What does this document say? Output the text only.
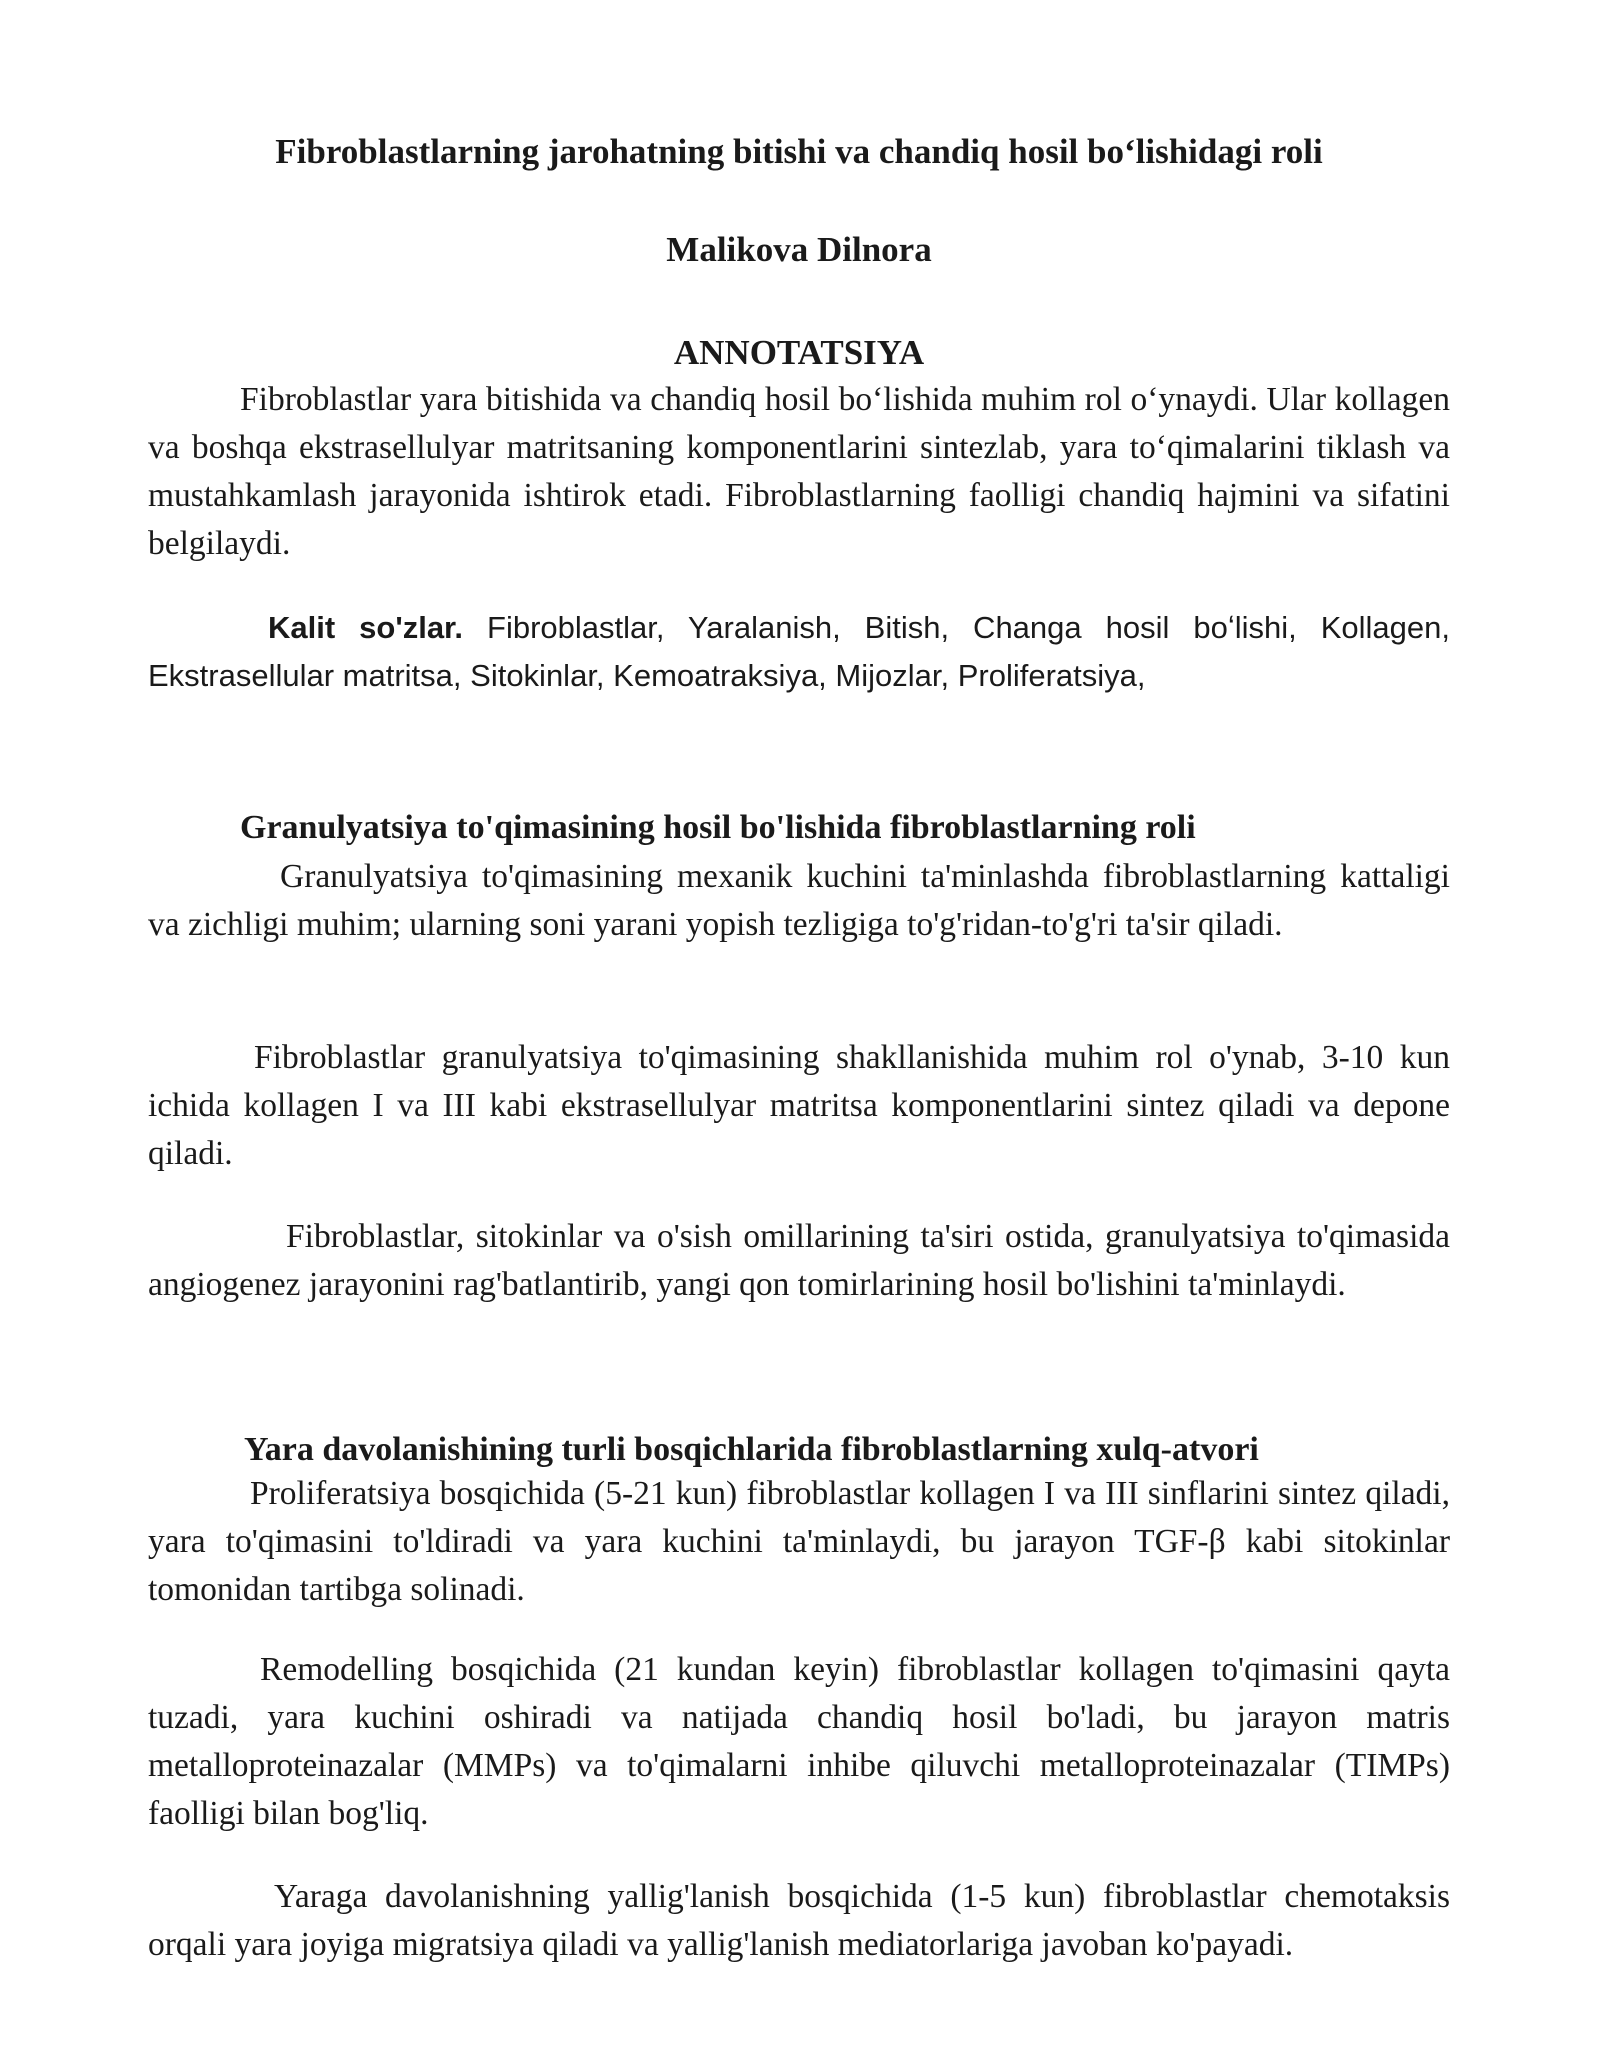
Fibroblastlarning jarohatning bitishi va chandiq hosil boʻlishidagi roli
Malikova Dilnora
ANNOTATSIYA
Fibroblastlar yara bitishida va chandiq hosil boʻlishida muhim rol oʻynaydi. Ular kollagen va boshqa ekstrasellulyar matritsaning komponentlarini sintezlab, yara toʻqimalarini tiklash va mustahkamlash jarayonida ishtirok etadi. Fibroblastlarning faolligi chandiq hajmini va sifatini belgilaydi.
Kalit so'zlar. Fibroblastlar, Yaralanish, Bitish, Changa hosil boʻlishi, Kollagen, Ekstrasellular matritsa, Sitokinlar, Kemoatraksiya, Mijozlar, Proliferatsiya,
Granulyatsiya to'qimasining hosil bo'lishida fibroblastlarning roli
Granulyatsiya to'qimasining mexanik kuchini ta'minlashda fibroblastlarning kattaligi va zichligi muhim; ularning soni yarani yopish tezligiga to'g'ridan-to'g'ri ta'sir qiladi.
Fibroblastlar granulyatsiya to'qimasining shakllanishida muhim rol o'ynab, 3-10 kun ichida kollagen I va III kabi ekstrasellulyar matritsa komponentlarini sintez qiladi va depone qiladi.
Fibroblastlar, sitokinlar va o'sish omillarining ta'siri ostida, granulyatsiya to'qimasida angiogenez jarayonini rag'batlantirib, yangi qon tomirlarining hosil bo'lishini ta'minlaydi.
Yara davolanishining turli bosqichlarida fibroblastlarning xulq-atvori
Proliferatsiya bosqichida (5-21 kun) fibroblastlar kollagen I va III sinflarini sintez qiladi, yara to'qimasini to'ldiradi va yara kuchini ta'minlaydi, bu jarayon TGF-β kabi sitokinlar tomonidan tartibga solinadi.
Remodelling bosqichida (21 kundan keyin) fibroblastlar kollagen to'qimasini qayta tuzadi, yara kuchini oshiradi va natijada chandiq hosil bo'ladi, bu jarayon matris metalloproteinazalar (MMPs) va to'qimalarni inhibe qiluvchi metalloproteinazalar (TIMPs) faolligi bilan bog'liq.
Yaraga davolanishning yallig'lanish bosqichida (1-5 kun) fibroblastlar chemotaksis orqali yara joyiga migratsiya qiladi va yallig'lanish mediatorlariga javoban ko'payadi.
